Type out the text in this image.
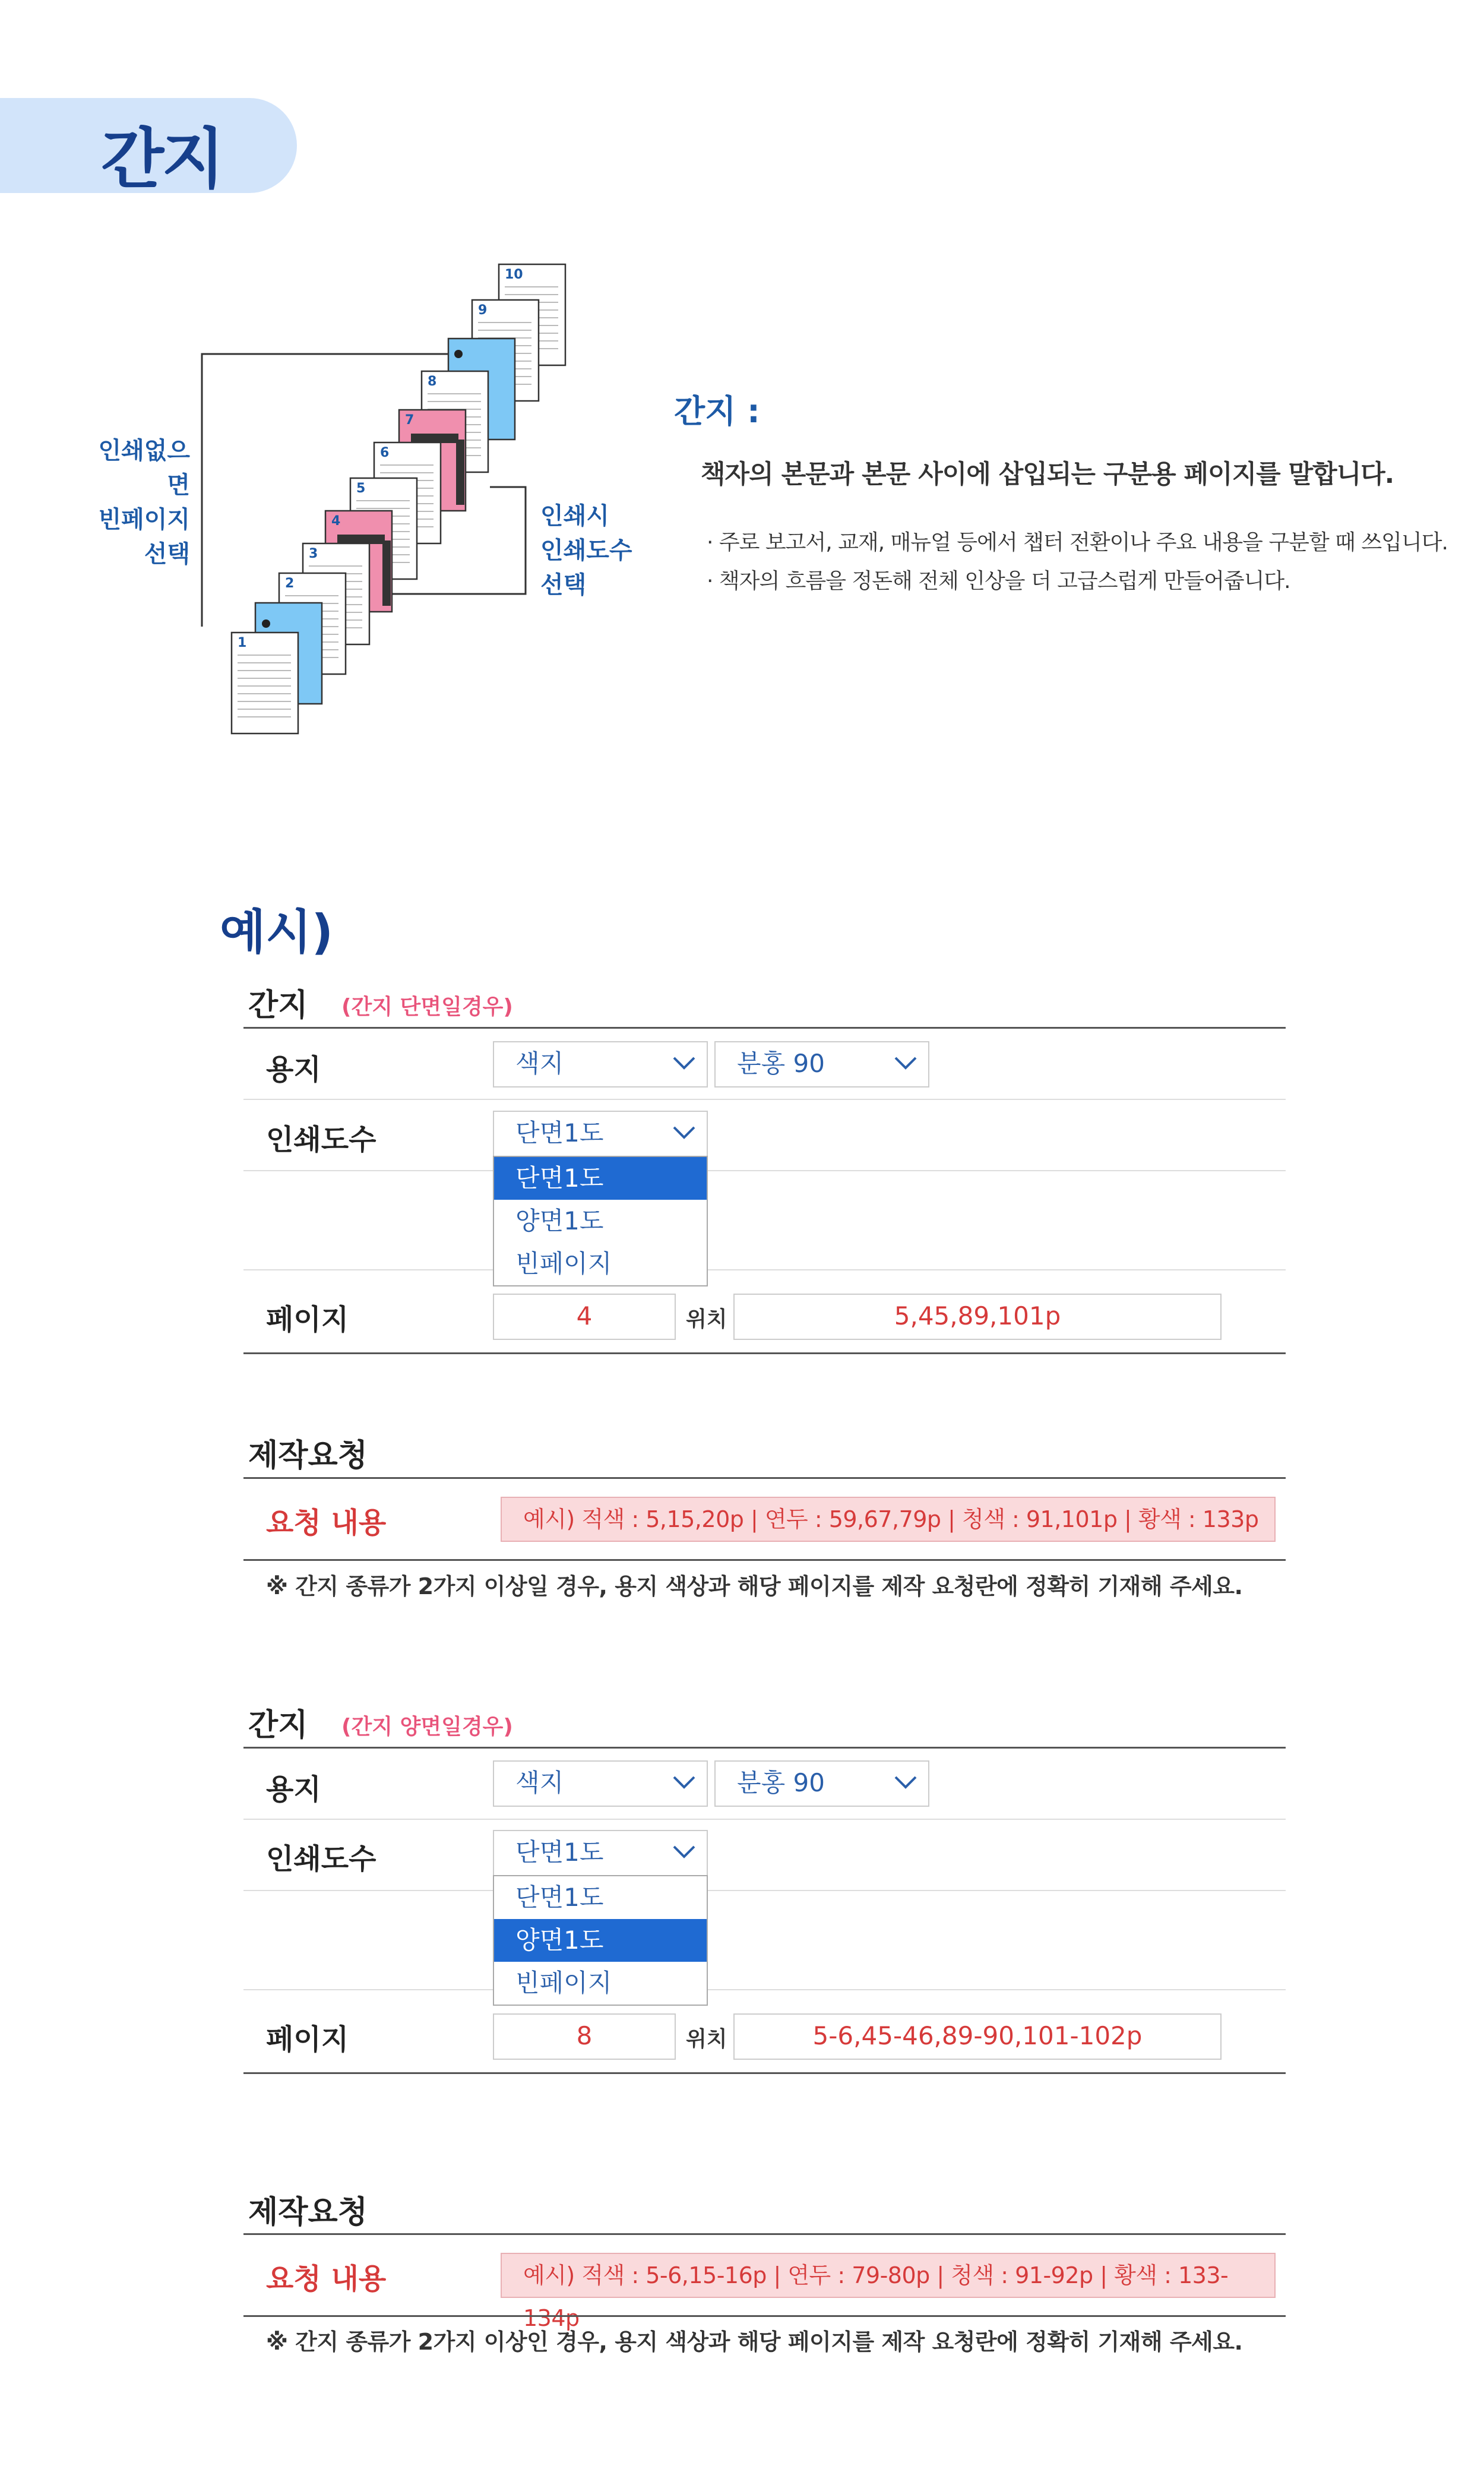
간지
1
2
3
4
5
6
7
8
9
10
인쇄없으면
빈페이지
선택
인쇄시
인쇄도수
선택
간지 :
책자의 본문과 본문 사이에 삽입되는 구분용 페이지를 말합니다.
· 주로 보고서, 교재, 매뉴얼 등에서 챕터 전환이나 주요 내용을 구분할 때 쓰입니다.
· 책자의 흐름을 정돈해 전체 인상을 더 고급스럽게 만들어줍니다.
예시)
간지 (간지 단면일경우)
용지	색지	분홍 90
인쇄도수	단면1도
단면1도
양면1도
빈페이지
페이지	4	위치	5,45,89,101p
제작요청
요청 내용	예시) 적색 : 5,15,20p | 연두 : 59,67,79p | 청색 : 91,101p | 황색 : 133p
※ 간지 종류가 2가지 이상일 경우, 용지 색상과 해당 페이지를 제작 요청란에 정확히 기재해 주세요.
간지 (간지 양면일경우)
용지	색지	분홍 90
인쇄도수	단면1도
단면1도
양면1도
빈페이지
페이지	8	위치	5-6,45-46,89-90,101-102p
제작요청
요청 내용	예시) 적색 : 5-6,15-16p | 연두 : 79-80p | 청색 : 91-92p | 황색 : 133-134p
※ 간지 종류가 2가지 이상인 경우, 용지 색상과 해당 페이지를 제작 요청란에 정확히 기재해 주세요.
